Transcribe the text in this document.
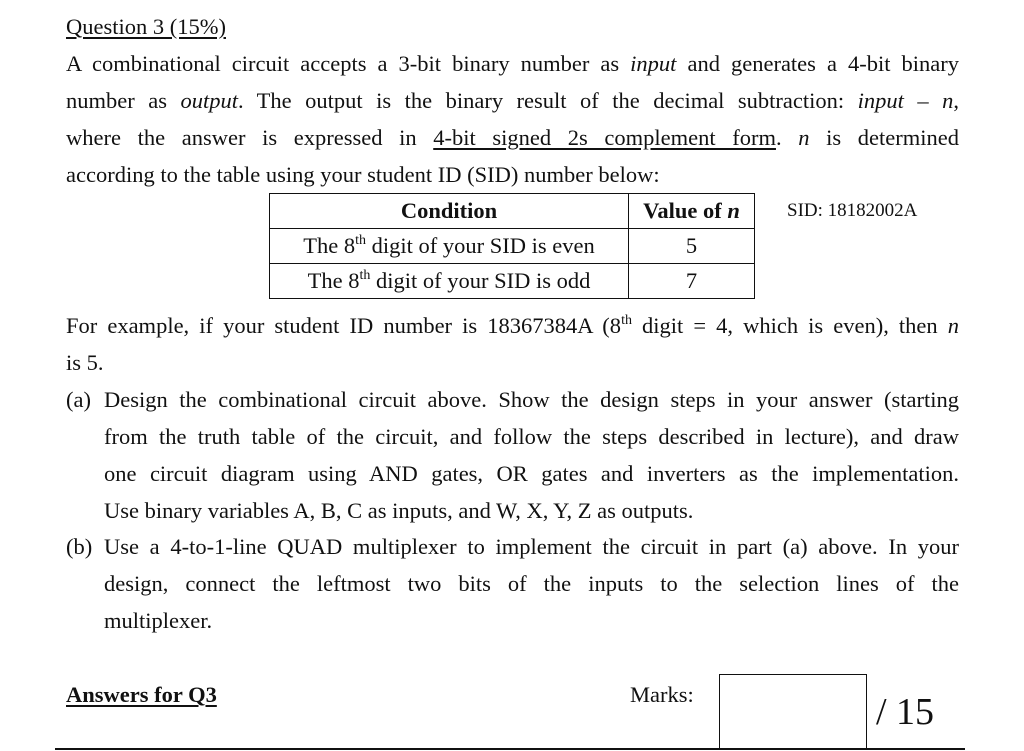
Question 3 (15%)
A combinational circuit accepts a 3-bit binary number as input and generates a 4-bit binary
number as output. The output is the binary result of the decimal subtraction: input – n,
where the answer is expressed in 4-bit signed 2s complement form. n is determined
according to the table using your student ID (SID) number below:
Condition	Value of n
The 8th digit of your SID is even	5
The 8th digit of your SID is odd	7
SID: 18182002A
For example, if your student ID number is 18367384A (8th digit = 4, which is even), then n
is 5.
(a) Design the combinational circuit above. Show the design steps in your answer (starting
from the truth table of the circuit, and follow the steps described in lecture), and draw
one circuit diagram using AND gates, OR gates and inverters as the implementation.
Use binary variables A, B, C as inputs, and W, X, Y, Z as outputs.
(b) Use a 4-to-1-line QUAD multiplexer to implement the circuit in part (a) above. In your
design, connect the leftmost two bits of the inputs to the selection lines of the
multiplexer.
Answers for Q3	Marks:	/ 15
